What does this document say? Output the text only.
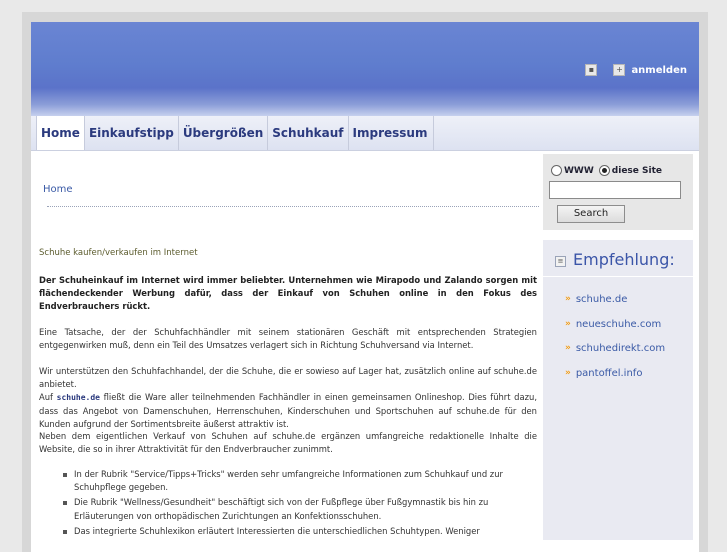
▪	+ anmelden
Home Einkaufstipp Übergrößen Schuhkauf Impressum
Home
Schuhe kaufen/verkaufen im Internet
Der Schuheinkauf im Internet wird immer beliebter. Unternehmen wie Mirapodo und Zalando sorgen mit flächendeckender Werbung dafür, dass der Einkauf von Schuhen online in den Fokus des Endverbrauchers rückt.
Eine Tatsache, der der Schuhfachhändler mit seinem stationären Geschäft mit entsprechenden Strategien entgegenwirken muß, denn ein Teil des Umsatzes verlagert sich in Richtung Schuhversand via Internet.
Wir unterstützen den Schuhfachhandel, der die Schuhe, die er sowieso auf Lager hat, zusätzlich online auf schuhe.de anbietet.
Auf schuhe.de fließt die Ware aller teilnehmenden Fachhändler in einen gemeinsamen Onlineshop. Dies führt dazu, dass das Angebot von Damenschuhen, Herrenschuhen, Kinderschuhen und Sportschuhen auf schuhe.de für den Kunden aufgrund der Sortimentsbreite äußerst attraktiv ist.
Neben dem eigentlichen Verkauf von Schuhen auf schuhe.de ergänzen umfangreiche redaktionelle Inhalte die Website, die so in ihrer Attraktivität für den Endverbraucher zunimmt.
In der Rubrik "Service/Tipps+Tricks" werden sehr umfangreiche Informationen zum Schuhkauf und zur Schuhpflege gegeben.
Die Rubrik "Wellness/Gesundheit" beschäftigt sich von der Fußpflege über Fußgymnastik bis hin zu Erläuterungen von orthopädischen Zurichtungen an Konfektionsschuhen.
Das integrierte Schuhlexikon erläutert Interessierten die unterschiedlichen Schuhtypen. Weniger
WWW diese Site
Search
≡ Empfehlung:
» schuhe.de
» neueschuhe.com
» schuhedirekt.com
» pantoffel.info
